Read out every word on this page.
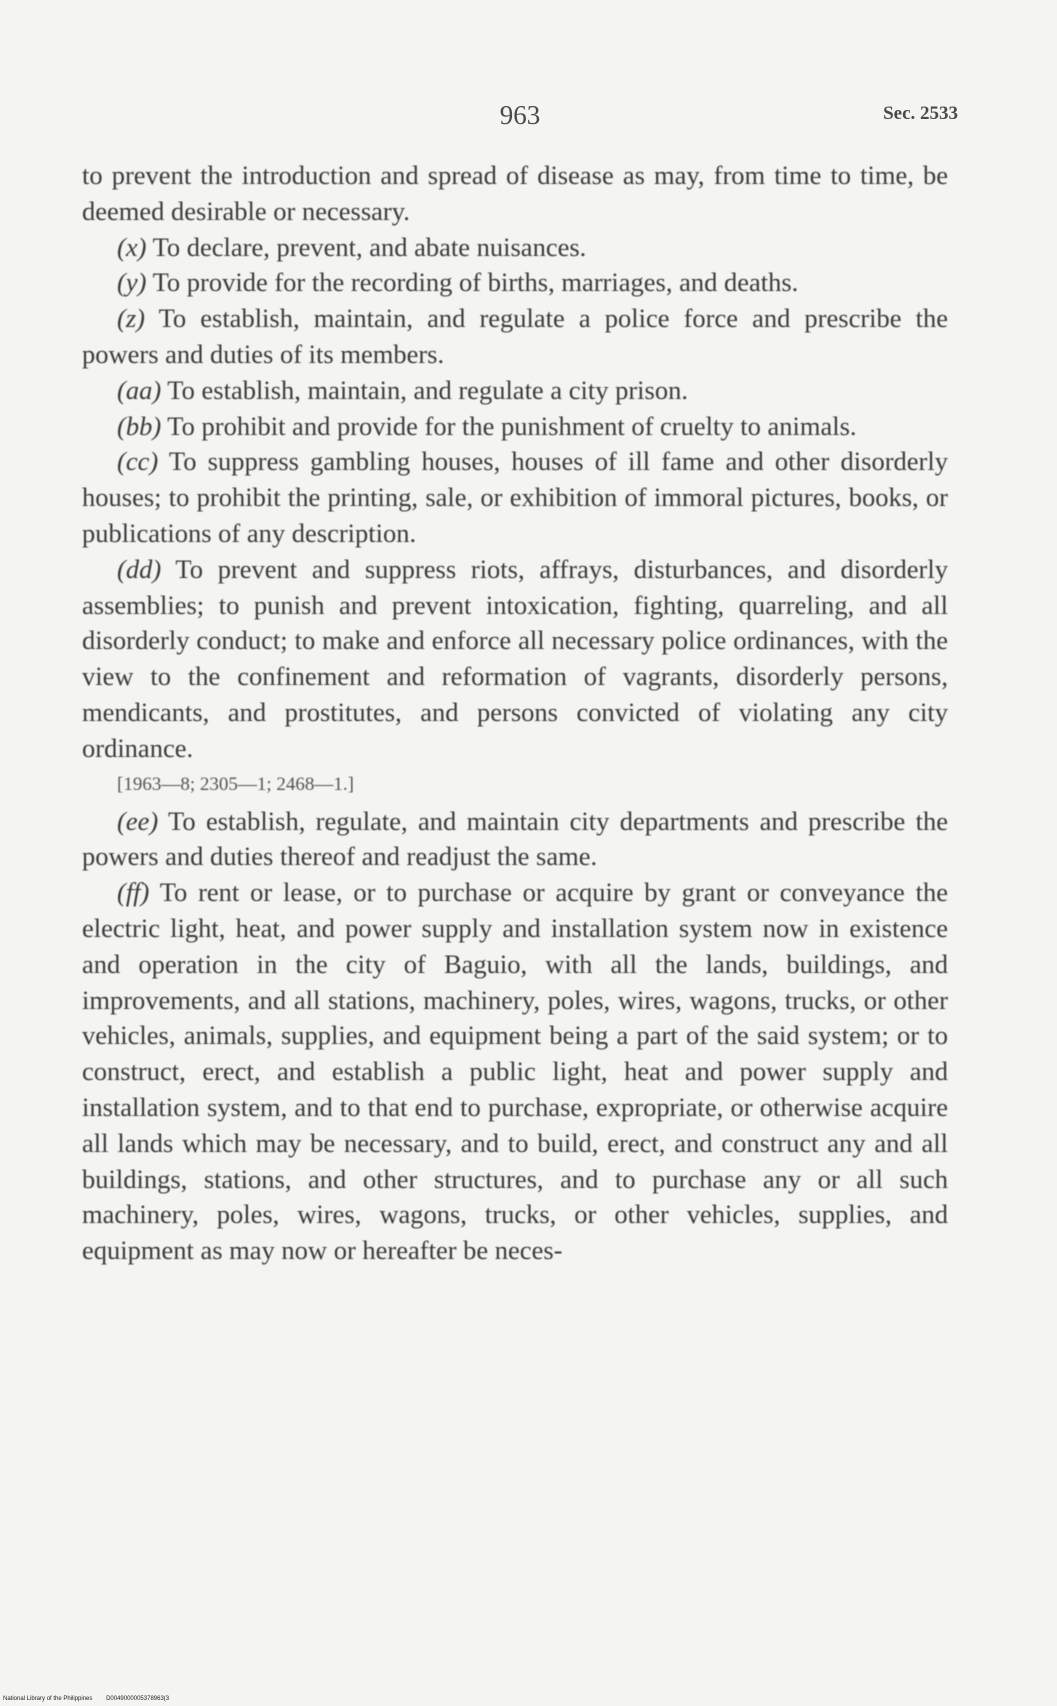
963	Sec. 2533

to prevent the introduction and spread of disease as may, from time to time, be deemed desirable or necessary.

(x) To declare, prevent, and abate nuisances.

(y) To provide for the recording of births, marriages, and deaths.

(z) To establish, maintain, and regulate a police force and prescribe the powers and duties of its members.

(aa) To establish, maintain, and regulate a city prison.

(bb) To prohibit and provide for the punishment of cruelty to animals.

(cc) To suppress gambling houses, houses of ill fame and other disorderly houses; to prohibit the printing, sale, or exhibition of immoral pictures, books, or publications of any description.

(dd) To prevent and suppress riots, affrays, disturbances, and disorderly assemblies; to punish and prevent intoxication, fighting, quarreling, and all disorderly conduct; to make and enforce all necessary police ordinances, with the view to the confinement and reformation of vagrants, disorderly persons, mendicants, and prostitutes, and persons convicted of violating any city ordinance.

[1963—8; 2305—1; 2468—1.]

(ee) To establish, regulate, and maintain city departments and prescribe the powers and duties thereof and readjust the same.

(ff) To rent or lease, or to purchase or acquire by grant or conveyance the electric light, heat, and power supply and installation system now in existence and operation in the city of Baguio, with all the lands, buildings, and improvements, and all stations, machinery, poles, wires, wagons, trucks, or other vehicles, animals, supplies, and equipment being a part of the said system; or to construct, erect, and establish a public light, heat and power supply and installation system, and to that end to purchase, expropriate, or otherwise acquire all lands which may be necessary, and to build, erect, and construct any and all buildings, stations, and other structures, and to purchase any or all such machinery, poles, wires, wagons, trucks, or other vehicles, supplies, and equipment as may now or hereafter be neces-

National Library of the Philippines D0049000005378963(3
